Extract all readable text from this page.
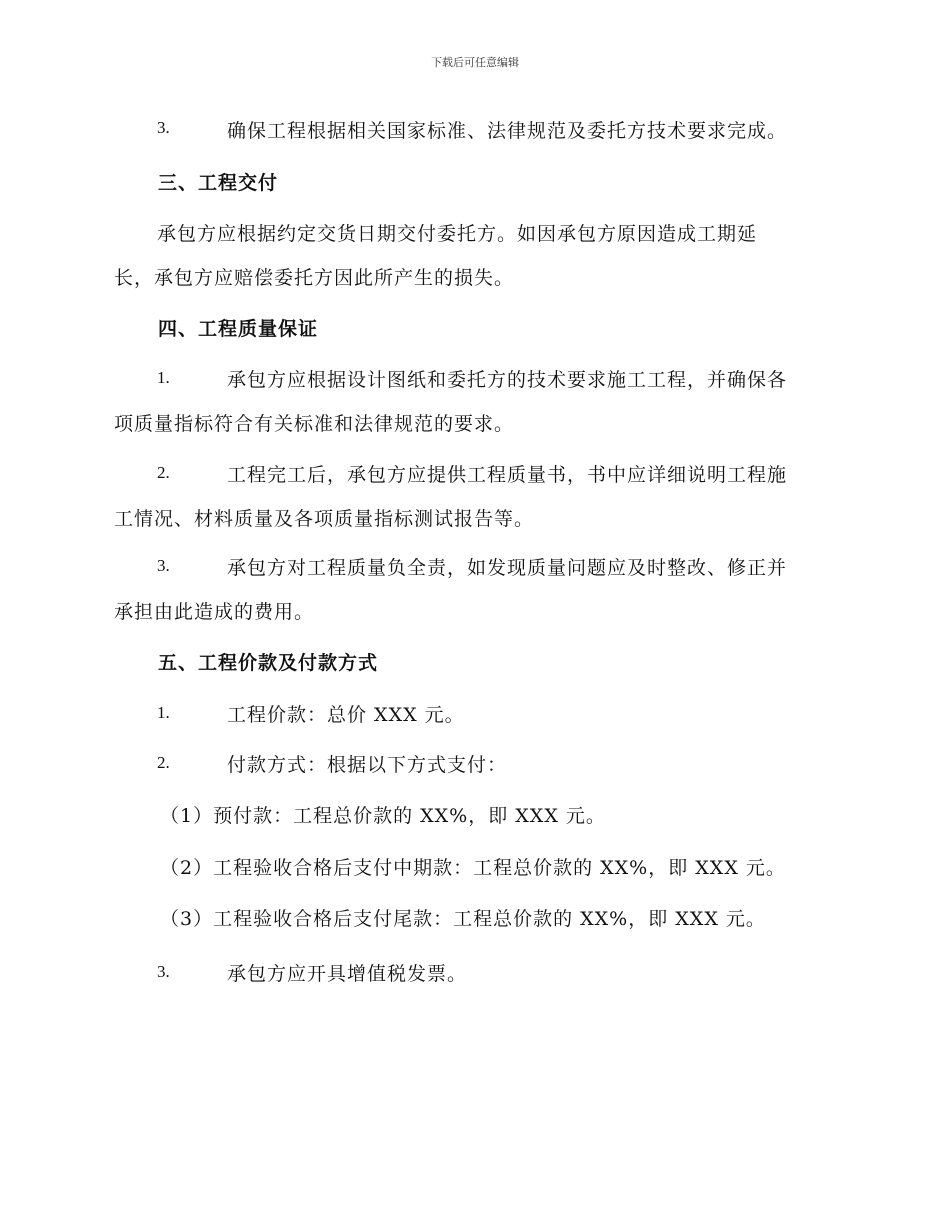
下载后可任意编辑
3.	确保工程根据相关国家标准、法律规范及委托方技术要求完成。
三、工程交付
承包方应根据约定交货日期交付委托方。如因承包方原因造成工期延
长，承包方应赔偿委托方因此所产生的损失。
四、工程质量保证
1.	承包方应根据设计图纸和委托方的技术要求施工工程，并确保各
项质量指标符合有关标准和法律规范的要求。
2.	工程完工后，承包方应提供工程质量书，书中应详细说明工程施
工情况、材料质量及各项质量指标测试报告等。
3.	承包方对工程质量负全责，如发现质量问题应及时整改、修正并
承担由此造成的费用。
五、工程价款及付款方式
1.	工程价款：总价 XXX 元。
2.	付款方式：根据以下方式支付：
（1）预付款：工程总价款的 XX%，即 XXX 元。
（2）工程验收合格后支付中期款：工程总价款的 XX%，即 XXX 元。
（3）工程验收合格后支付尾款：工程总价款的 XX%，即 XXX 元。
3.	承包方应开具增值税发票。
